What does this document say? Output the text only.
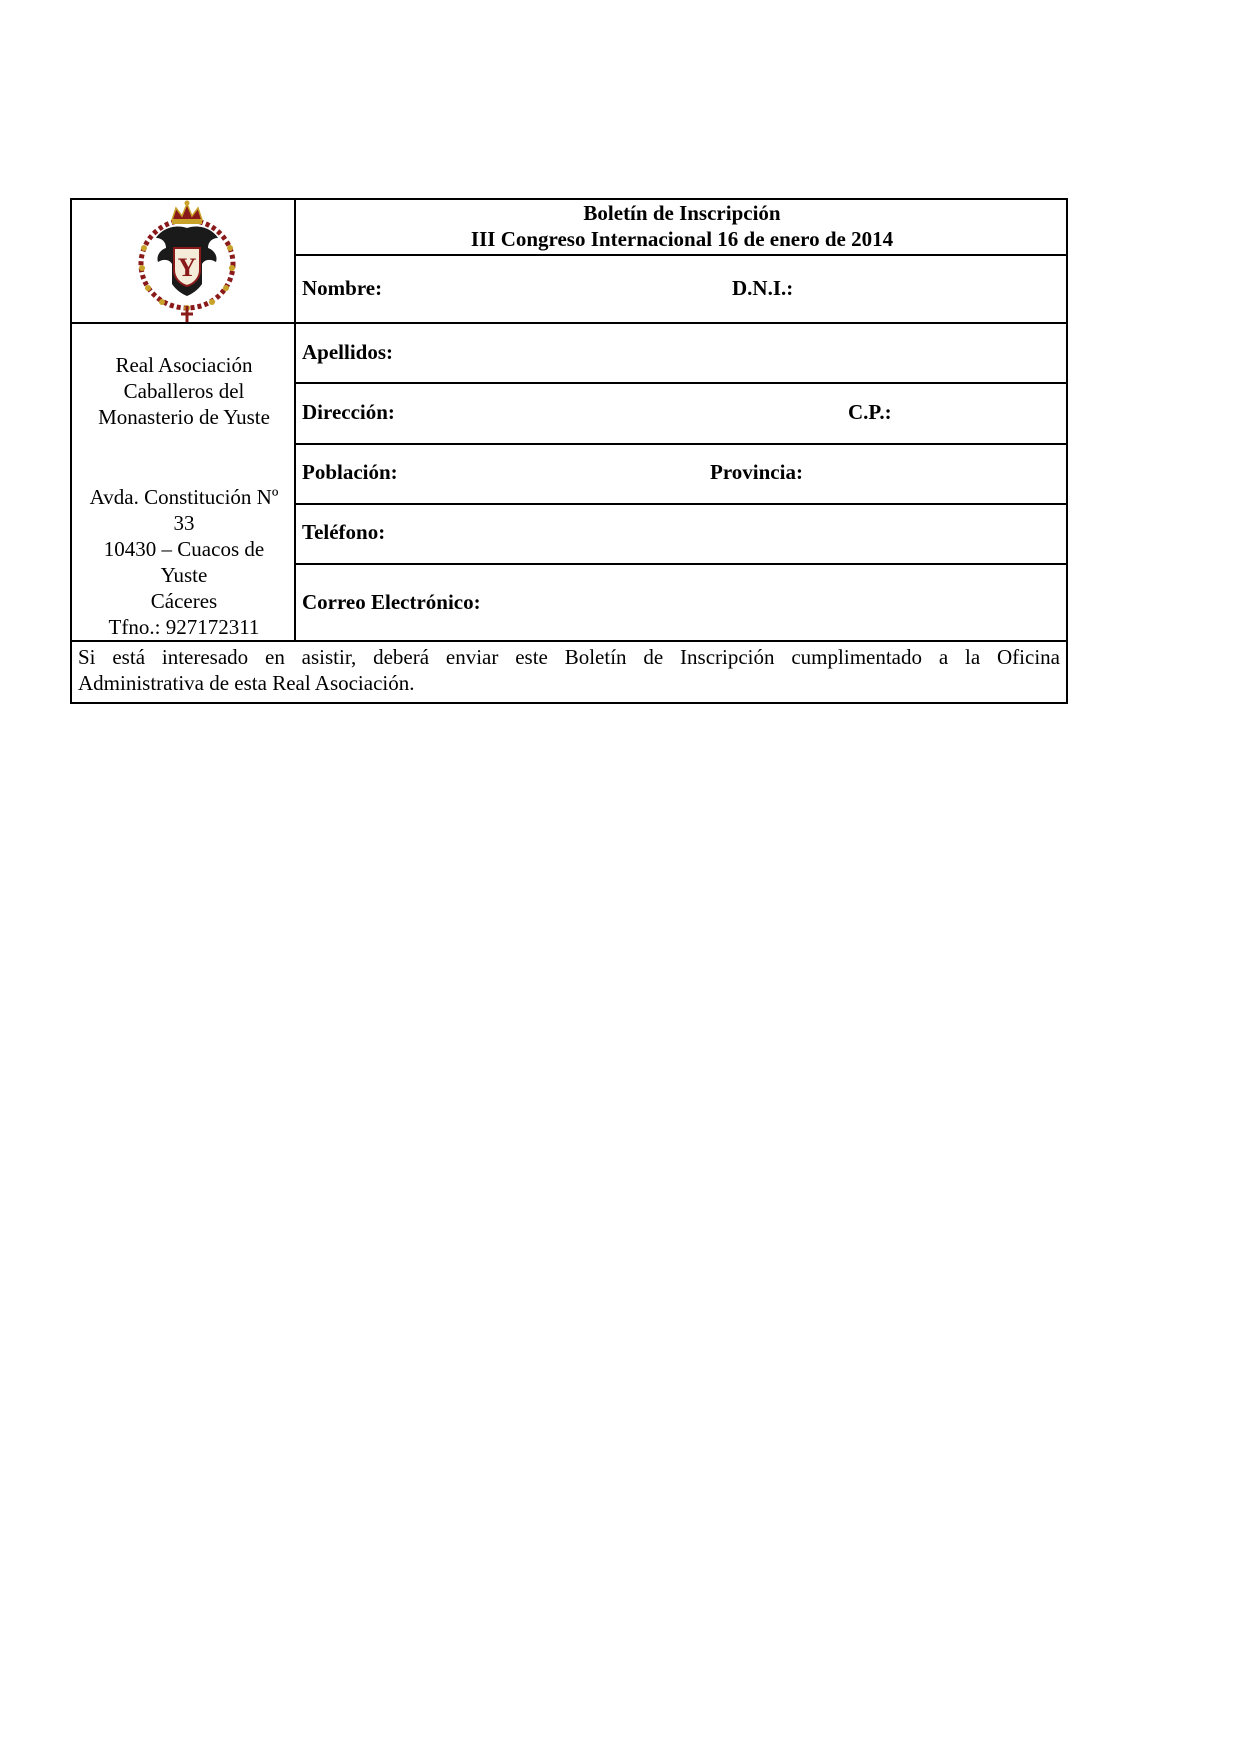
Y
Boletín de Inscripción
III Congreso Internacional 16 de enero de 2014
Nombre:	D.N.I.:
Apellidos:
Dirección:	C.P.:
Población:	Provincia:
Teléfono:
Correo Electrónico:
Real Asociación
Caballeros del
Monasterio de Yuste
Avda. Constitución Nº
33
10430 – Cuacos de
Yuste
Cáceres
Tfno.: 927172311
Si está interesado en asistir, deberá enviar este Boletín de Inscripción cumplimentado a la Oficina
Administrativa de esta Real Asociación.
